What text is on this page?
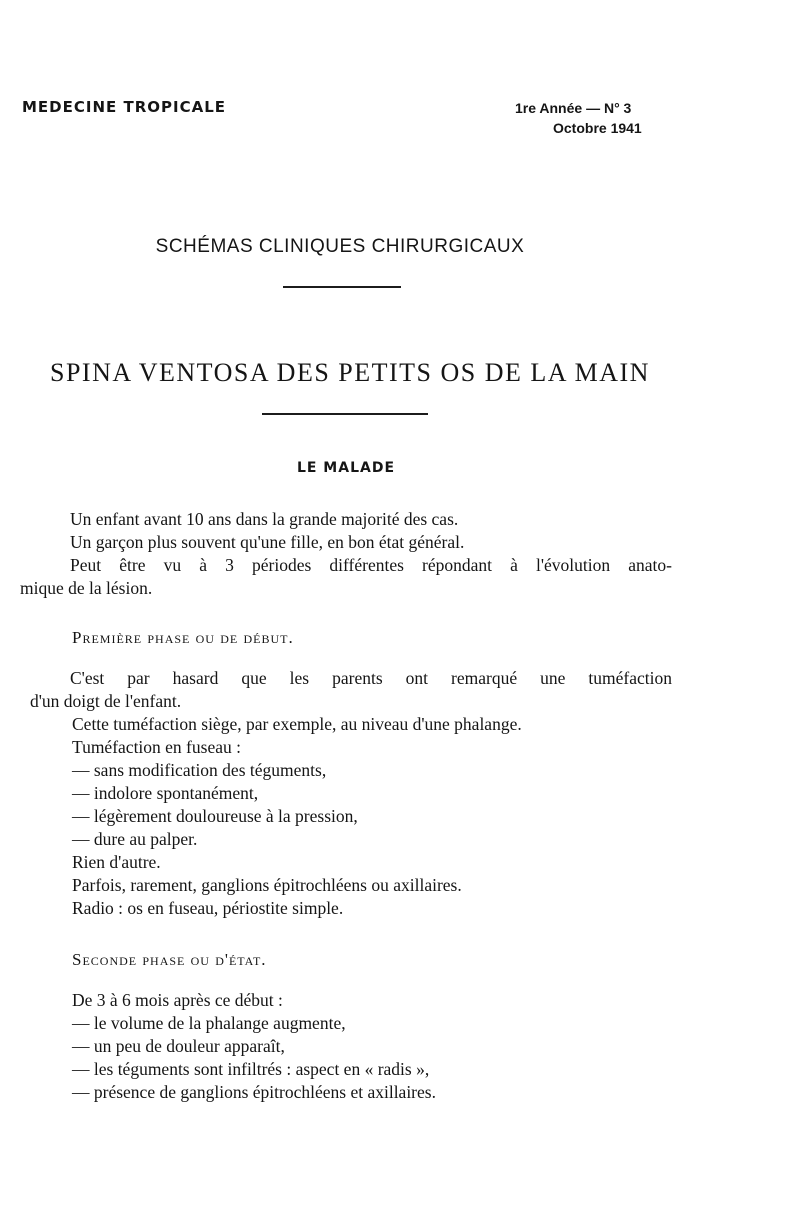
MEDECINE TROPICALE	1re Année — N° 3
Octobre 1941
SCHÉMAS CLINIQUES CHIRURGICAUX
SPINA VENTOSA DES PETITS OS DE LA MAIN
LE MALADE
Un enfant avant 10 ans dans la grande majorité des cas.
Un garçon plus souvent qu'une fille, en bon état général.
Peut être vu à 3 périodes différentes répondant à l'évolution anato-
mique de la lésion.
Première phase ou de début.
C'est par hasard que les parents ont remarqué une tuméfaction
d'un doigt de l'enfant.
Cette tuméfaction siège, par exemple, au niveau d'une phalange.
Tuméfaction en fuseau :
— sans modification des téguments,
— indolore spontanément,
— légèrement douloureuse à la pression,
— dure au palper.
Rien d'autre.
Parfois, rarement, ganglions épitrochléens ou axillaires.
Radio : os en fuseau, périostite simple.
Seconde phase ou d'état.
De 3 à 6 mois après ce début :
— le volume de la phalange augmente,
— un peu de douleur apparaît,
— les téguments sont infiltrés : aspect en « radis »,
— présence de ganglions épitrochléens et axillaires.
